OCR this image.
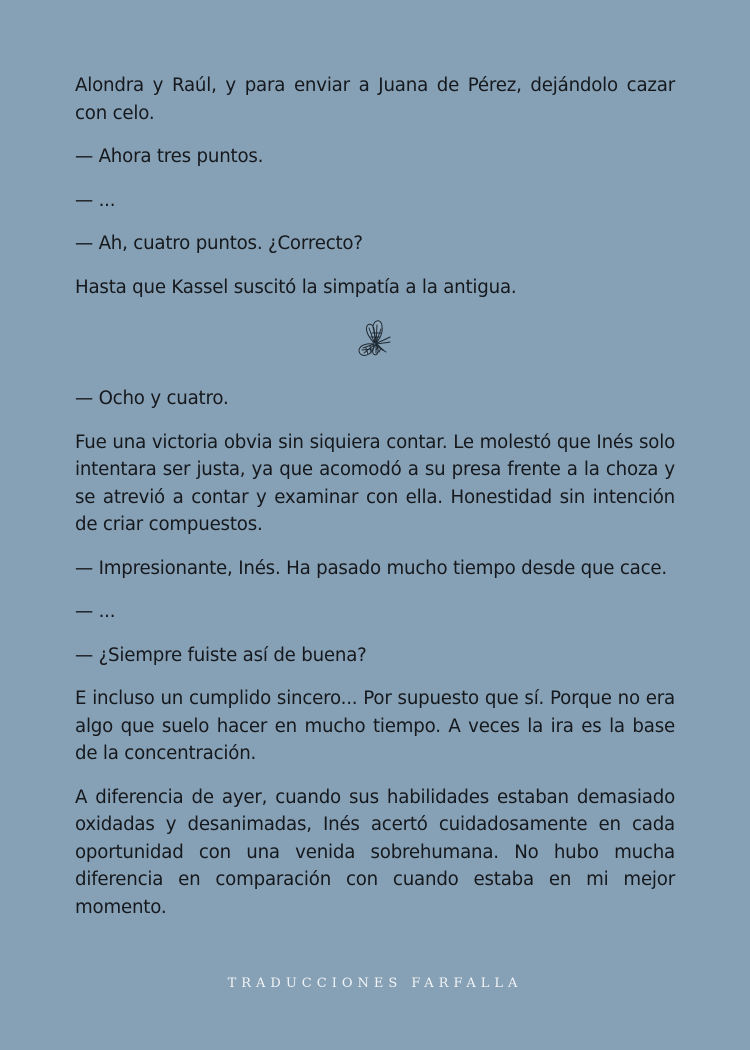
Alondra y Raúl, y para enviar a Juana de Pérez, dejándolo cazar con celo.

— Ahora tres puntos.

— ...

— Ah, cuatro puntos. ¿Correcto?

Hasta que Kassel suscitó la simpatía a la antigua.

— Ocho y cuatro.

Fue una victoria obvia sin siquiera contar. Le molestó que Inés solo intentara ser justa, ya que acomodó a su presa frente a la choza y se atrevió a contar y examinar con ella. Honestidad sin intención de criar compuestos.

— Impresionante, Inés. Ha pasado mucho tiempo desde que cace.

— ...

— ¿Siempre fuiste así de buena?

E incluso un cumplido sincero... Por supuesto que sí. Porque no era algo que suelo hacer en mucho tiempo. A veces la ira es la base de la concentración.

A diferencia de ayer, cuando sus habilidades estaban demasiado oxidadas y desanimadas, Inés acertó cuidadosamente en cada oportunidad con una venida sobrehumana. No hubo mucha diferencia en comparación con cuando estaba en mi mejor momento.

TRADUCCIONES FARFALLA
